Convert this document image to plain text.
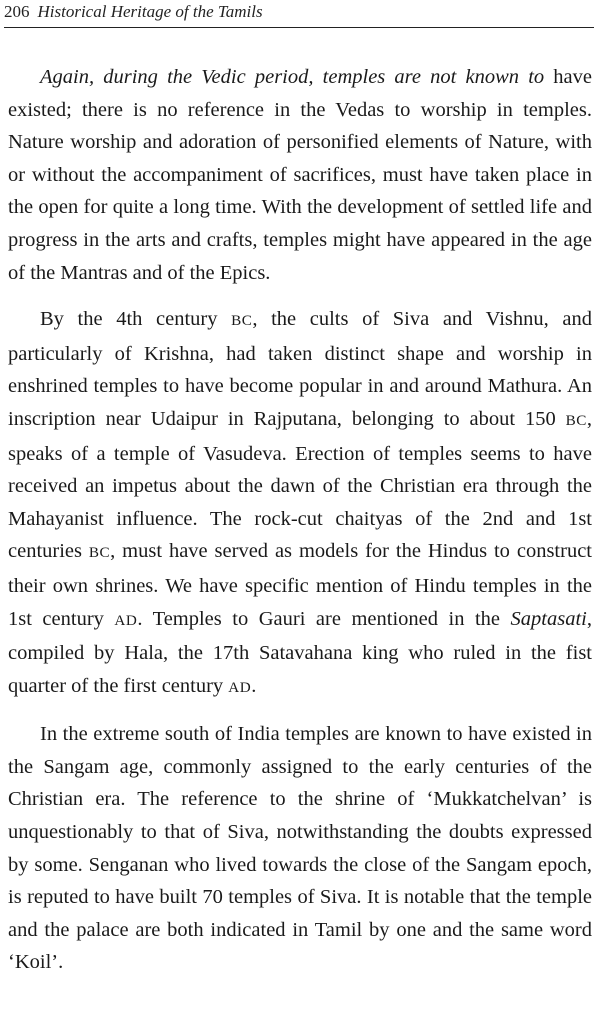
206 Historical Heritage of the Tamils

Again, during the Vedic period, temples are not known to have existed; there is no reference in the Vedas to worship in temples. Nature worship and adoration of personified elements of Nature, with or without the accompaniment of sacrifices, must have taken place in the open for quite a long time. With the development of settled life and progress in the arts and crafts, temples might have appeared in the age of the Mantras and of the Epics.

By the 4th century BC, the cults of Siva and Vishnu, and particularly of Krishna, had taken distinct shape and worship in enshrined temples to have become popular in and around Mathura. An inscription near Udaipur in Rajputana, belonging to about 150 BC, speaks of a temple of Vasudeva. Erection of temples seems to have received an impetus about the dawn of the Christian era through the Mahayanist influence. The rock-cut chaityas of the 2nd and 1st centuries BC, must have served as models for the Hindus to construct their own shrines. We have specific mention of Hindu temples in the 1st century AD. Temples to Gauri are mentioned in the Saptasati, compiled by Hala, the 17th Satavahana king who ruled in the fist quarter of the first century AD.

In the extreme south of India temples are known to have existed in the Sangam age, commonly assigned to the early centuries of the Christian era. The reference to the shrine of ‘Mukkatchelvan’ is unquestionably to that of Siva, notwithstanding the doubts expressed by some. Senganan who lived towards the close of the Sangam epoch, is reputed to have built 70 temples of Siva. It is notable that the temple and the palace are both indicated in Tamil by one and the same word ‘Koil’.
